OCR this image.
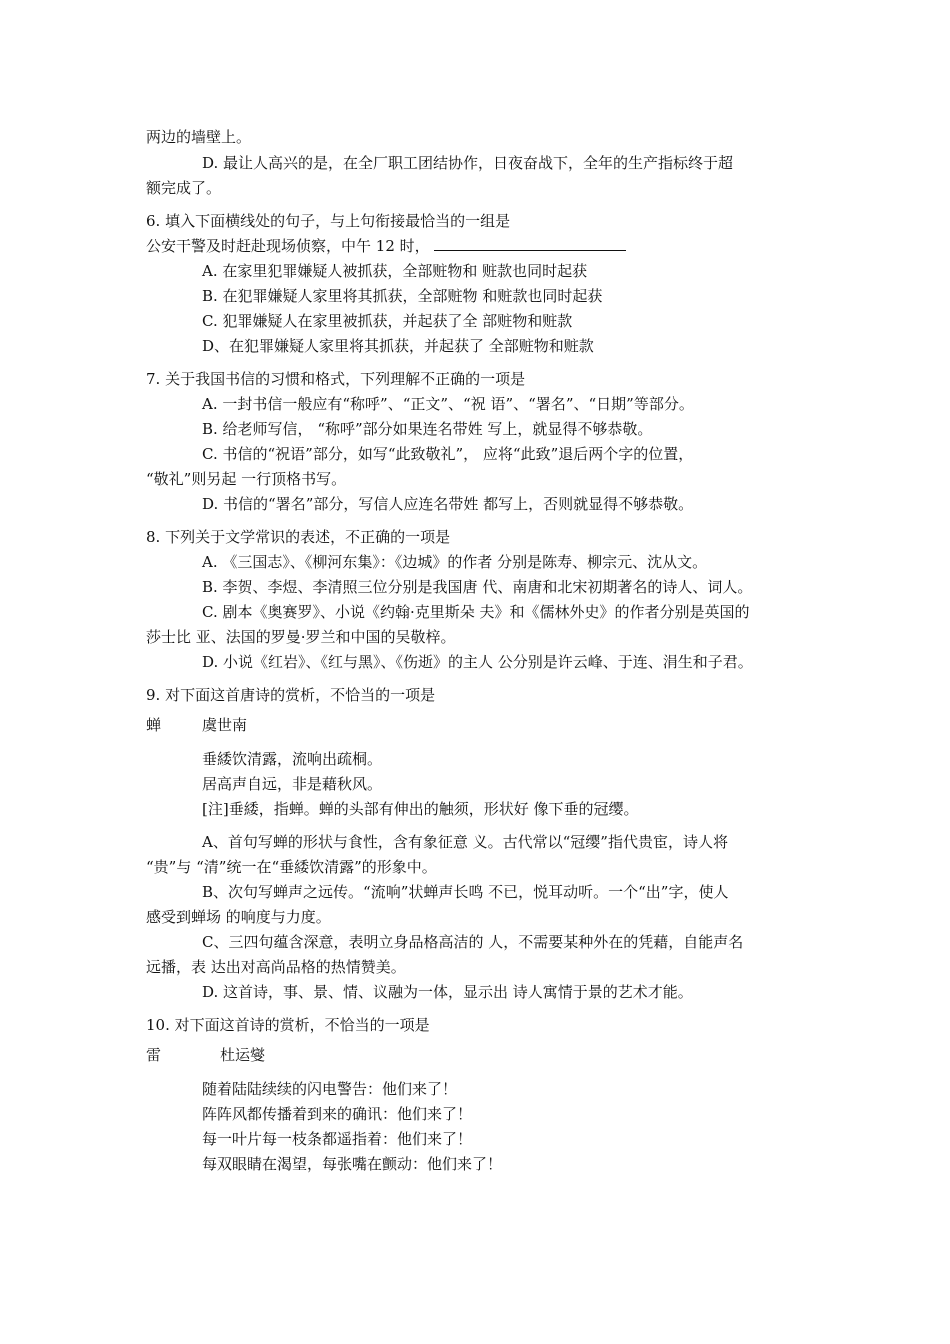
两边的墙壁上。
D. 最让人高兴的是，在全厂职工团结协作，日夜奋战下，全年的生产指标终于超
额完成了。
6. 填入下面横线处的句子，与上句衔接最恰当的一组是
公安干警及时赶赴现场侦察，中午 12 时，
A. 在家里犯罪嫌疑人被抓获，全部赃物和 赃款也同时起获
B. 在犯罪嫌疑人家里将其抓获，全部赃物 和赃款也同时起获
C. 犯罪嫌疑人在家里被抓获，并起获了全 部赃物和赃款
D、在犯罪嫌疑人家里将其抓获，并起获了 全部赃物和赃款
7. 关于我国书信的习惯和格式，下列理解不正确的一项是
A. 一封书信一般应有“称呼”、“正文”、“祝 语”、“署名”、“日期”等部分。
B. 给老师写信， “称呼”部分如果连名带姓 写上，就显得不够恭敬。
C. 书信的“祝语”部分，如写“此致敬礼”， 应将“此致”退后两个字的位置，
“敬礼”则另起 一行顶格书写。
D. 书信的“署名”部分，写信人应连名带姓 都写上，否则就显得不够恭敬。
8. 下列关于文学常识的表述，不正确的一项是
A. 《三国志》、《柳河东集》：《边城》的作者 分别是陈寿、柳宗元、沈从文。
B. 李贺、李煜、李清照三位分别是我国唐 代、南唐和北宋初期著名的诗人、词人。
C. 剧本《奥赛罗》、小说《约翰·克里斯朵 夫》和《儒林外史》的作者分别是英国的
莎士比 亚、法国的罗曼·罗兰和中国的吴敬梓。
D. 小说《红岩》、《红与黑》、《伤逝》的主人 公分别是许云峰、于连、涓生和子君。
9. 对下面这首唐诗的赏析，不恰当的一项是
蝉	虞世南
垂緌饮清露，流响出疏桐。
居高声自远，非是藉秋风。
[注]垂緌，指蝉。蝉的头部有伸出的触须，形状好 像下垂的冠缨。
A、首句写蝉的形状与食性，含有象征意 义。古代常以“冠缨”指代贵宦，诗人将
“贵”与 “清”统一在“垂緌饮清露”的形象中。
B、次句写蝉声之远传。“流响”状蝉声长鸣 不已，悦耳动听。一个“出”字，使人
感受到蝉场 的响度与力度。
C、三四句蕴含深意，表明立身品格高洁的 人，不需要某种外在的凭藉，自能声名
远播，表 达出对高尚品格的热情赞美。
D. 这首诗，事、景、情、议融为一体，显示出 诗人寓情于景的艺术才能。
10. 对下面这首诗的赏析，不恰当的一项是
雷	杜运燮
随着陆陆续续的闪电警告：他们来了！
阵阵风都传播着到来的确讯：他们来了！
每一叶片每一枝条都遥指着：他们来了！
每双眼睛在渴望，每张嘴在颤动：他们来了！
